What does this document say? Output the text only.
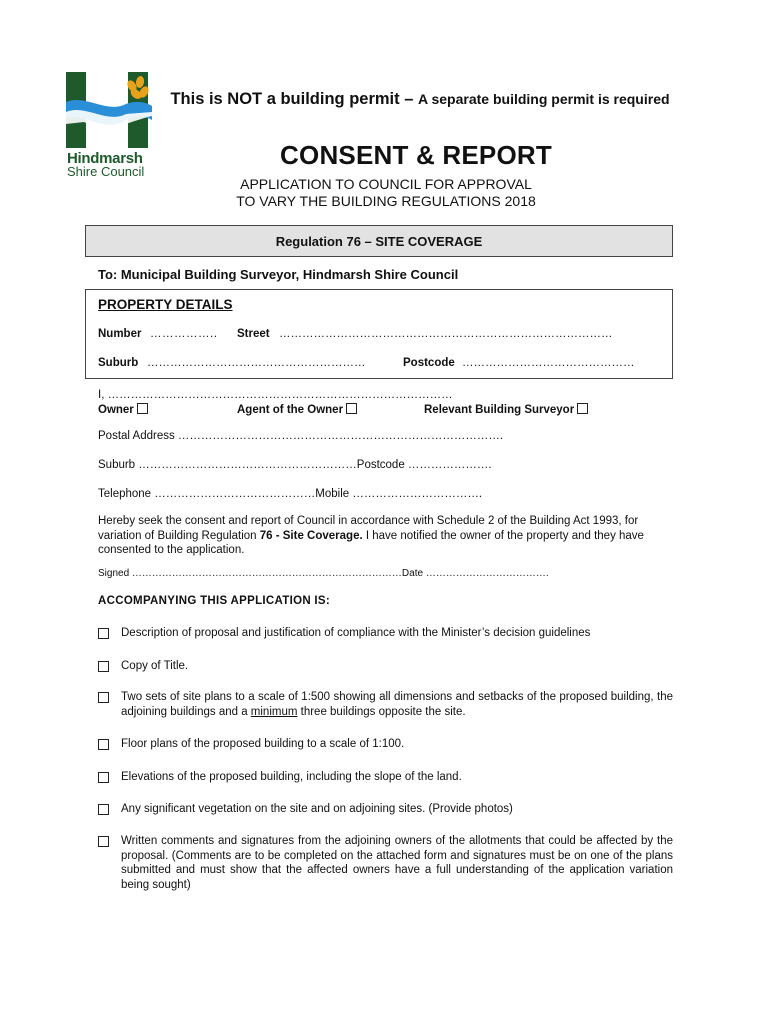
Hindmarsh
Shire Council
This is NOT a building permit – A separate building permit is required
CONSENT & REPORT
APPLICATION TO COUNCIL FOR APPROVAL
TO VARY THE BUILDING REGULATIONS 2018
Regulation 76 – SITE COVERAGE
To: Municipal Building Surveyor, Hindmarsh Shire Council
PROPERTY DETAILS
Number …………….. Street ……………………………………………………………………………
Suburb …………………………………………………	Postcode ………………………………………
I, ………………………………………………………………………………
Owner	Agent of the Owner	Relevant Building Surveyor
Postal Address ………………………………………………………………………….
Suburb …………………………………………………Postcode ………………….
Telephone ……………………………………Mobile …………………………….
Hereby seek the consent and report of Council in accordance with Schedule 2 of the Building Act 1993, for variation of Building Regulation 76 - Site Coverage. I have notified the owner of the property and they have consented to the application.
Signed ………………………………………………………………………Date ……………………………….
ACCOMPANYING THIS APPLICATION IS:
Description of proposal and justification of compliance with the Minister’s decision guidelines
Copy of Title.
Two sets of site plans to a scale of 1:500 showing all dimensions and setbacks of the proposed building, the adjoining buildings and a minimum three buildings opposite the site.
Floor plans of the proposed building to a scale of 1:100.
Elevations of the proposed building, including the slope of the land.
Any significant vegetation on the site and on adjoining sites. (Provide photos)
Written comments and signatures from the adjoining owners of the allotments that could be affected by the proposal. (Comments are to be completed on the attached form and signatures must be on one of the plans submitted and must show that the affected owners have a full understanding of the application variation being sought)
